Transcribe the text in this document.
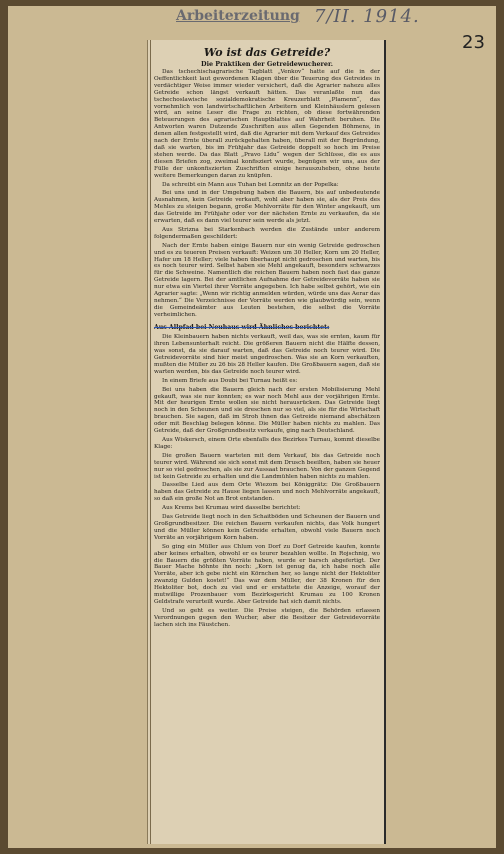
Arbeiterzeitung 7/II. 1914.
23
Wo ist das Getreide?
Die Praktiken der Getreidewucherer.

Das tschechischagrarische Tagblatt „Venkov“ hatte auf die in der Oeffentlichkeit laut gewordenen Klagen über die Teuerung des Getreides in verdächtiger Weise immer wieder versichert, daß die Agrarier nahezu alles Getreide schon längst verkauft hätten. Das veranlaßte nun das tschechoslawische sozialdemokratische Kreuzerblatt „Plamenn“, das vornehmlich von landwirtschaftlichen Arbeitern und Kleinhäuslern gelesen wird, an seine Leser die Frage zu richten, ob diese fortwährenden Beteuerungen des agrarischen Hauptblattes auf Wahrheit beruhen. Die Antworten waren Dutzende Zuschriften aus allen Gegenden Böhmens, in denen allen festgestellt wird, daß die Agrarier mit dem Verkauf des Getreides nach der Ernte überall zurückgehalten haben, überall mit der Begründung, daß sie warten, bis im Frühjahr das Getreide doppelt so hoch im Preise stehen werde. Da das Blatt „Pravo Lidu“ wegen der Schlüsse, die es aus diesen Briefen zog, zweimal konfisziert wurde, begnügen wir uns, aus der Fülle der unkonfiszierten Zuschriften einige herauszuheben, ohne heute weitere Bemerkungen daran zu knüpfen.

Da schreibt ein Mann aus Tuhan bei Lomnitz an der Popelka:

Bei uns und in der Umgebung haben die Bauern, bis auf unbedeutende Ausnahmen, kein Getreide verkauft, wohl aber haben sie, als der Preis des Mehles zu steigen begann, große Mehlvorräte für den Winter angekauft, um das Getreide im Frühjahr oder vor der nächsten Ernte zu verkaufen, da sie erwarten, daß es dann viel teurer sein werde als jetzt.

Aus Strizna bei Starkenbach werden die Zustände unter anderem folgendermaßen geschildert:

Nach der Ernte haben einige Bauern nur ein wenig Getreide gedroschen und es zu teueren Preisen verkauft: Weizen um 30 Heller, Korn um 20 Heller, Hafer um 18 Heller; viele haben überhaupt nicht gedroschen und warten, bis es noch teurer wird. Selbst haben sie Mehl angekauft, besonders schwarzes für die Schweine. Namentlich die reichen Bauern haben noch fast das ganze Getreide lagern. Bei der amtlichen Aufnahme der Getreidevorräte haben sie nur etwa ein Viertel ihrer Vorräte angegeben. Ich habe selbst gehört, wie ein Agrarier sagte: „Wenn wir richtig anmelden würden, würde uns das Aerar das nehmen.“ Die Verzeichnisse der Vorräte werden wie glaubwürdig sein, wenn die Gemeindeämter aus Leuten bestehen, die selbst die Vorräte verheimlichen.

Aus Allpfad bei Neuhaus wird Ähnliches berichtet:

Die Kleinbauern haben nichts verkauft, weil das, was sie ernten, kaum für ihren Lebensunterhalt reicht. Die größeren Bauern nicht die Hälfte dessen, was sonst, da sie darauf warten, daß das Getreide noch teurer wird. Die Getreidevorräte sind hier meist ungedroschen. Was sie an Korn verkauften, mußten die Müller zu 26 bis 28 Heller kaufen. Die Großbauern sagen, daß sie warten werden, bis das Getreide noch teurer wird.

In einem Briefe aus Doubi bei Turnau heißt es:

Bei uns haben die Bauern gleich nach der ersten Mobilisierung Mehl gekauft, was sie nur konnten; es war noch Mehl aus der vorjährigen Ernte. Mit der heurigen Ernte wollen sie nicht herausrücken. Das Getreide liegt noch in den Scheunen und sie dreschen nur so viel, als sie für die Wirtschaft brauchen. Sie sagen, daß im Stroh ihnen das Getreide niemand abschätzen oder mit Beschlag belegen könne. Die Müller haben nichts zu mahlen. Das Getreide, daß der Großgrundbesitz verkaufe, ging nach Deutschland.

Aus Wiskersch, einem Orte ebenfalls des Bezirkes Turnau, kommt dieselbe Klage:

Die großen Bauern warteten mit dem Verkauf, bis das Getreide noch teurer wird. Während sie sich sonst mit dem Drusch beeilten, haben sie heuer nur so viel gedroschen, als sie zur Aussaat brauchen. Von der ganzen Gegend ist kein Getreide zu erhalten und die Landmühlen haben nichts zu mahlen.

Dasselbe Lied aus dem Orte Wiezom bei Königgrätz: Die Großbauern haben das Getreide zu Hause liegen lassen und noch Mehlvorräte angekauft, so daß ein große Not an Brot entstanden.

Aus Krems bei Krumau wird dasselbe berichtet:

Das Getreide liegt noch in den Schaitböden und Scheunen der Bauern und Großgrundbesitzer. Die reichen Bauern verkaufen nichts, das Volk hungert und die Müller können kein Getreide erhalten, obwohl viele Bauern noch Vorräte an vorjährigem Korn haben.

So ging ein Müller aus Chlum von Dorf zu Dorf Getreide kaufen, konnte aber keines erhalten, obwohl er es teurer bezahlen wollte. In Rojschnig, wo die Bauern die größten Vorräte haben, wurde er barsch abgefertigt. Der Bauer Mache höhnte ihn noch: „Korn ist genug da, ich habe noch alle Vorräte, aber ich gebe nicht ein Körnchen her, so lange nicht der Hektoliter zwanzig Gulden kostet!“ Das war dem Müller, der 38 Kronen für den Hektoliter bot, doch zu viel und er erstattete die Anzeige, worauf der mutwillige Prozenbauer vom Bezirksgericht Krumau zu 100 Kronen Geldstrafe verurteilt wurde. Aber Getreide hat sich damit nichts.

Und so geht es weiter. Die Preise steigen, die Behörden erlassen Verordnungen gegen den Wucher, aber die Besitzer der Getreidevorräte lachen sich ins Fäustchen.
